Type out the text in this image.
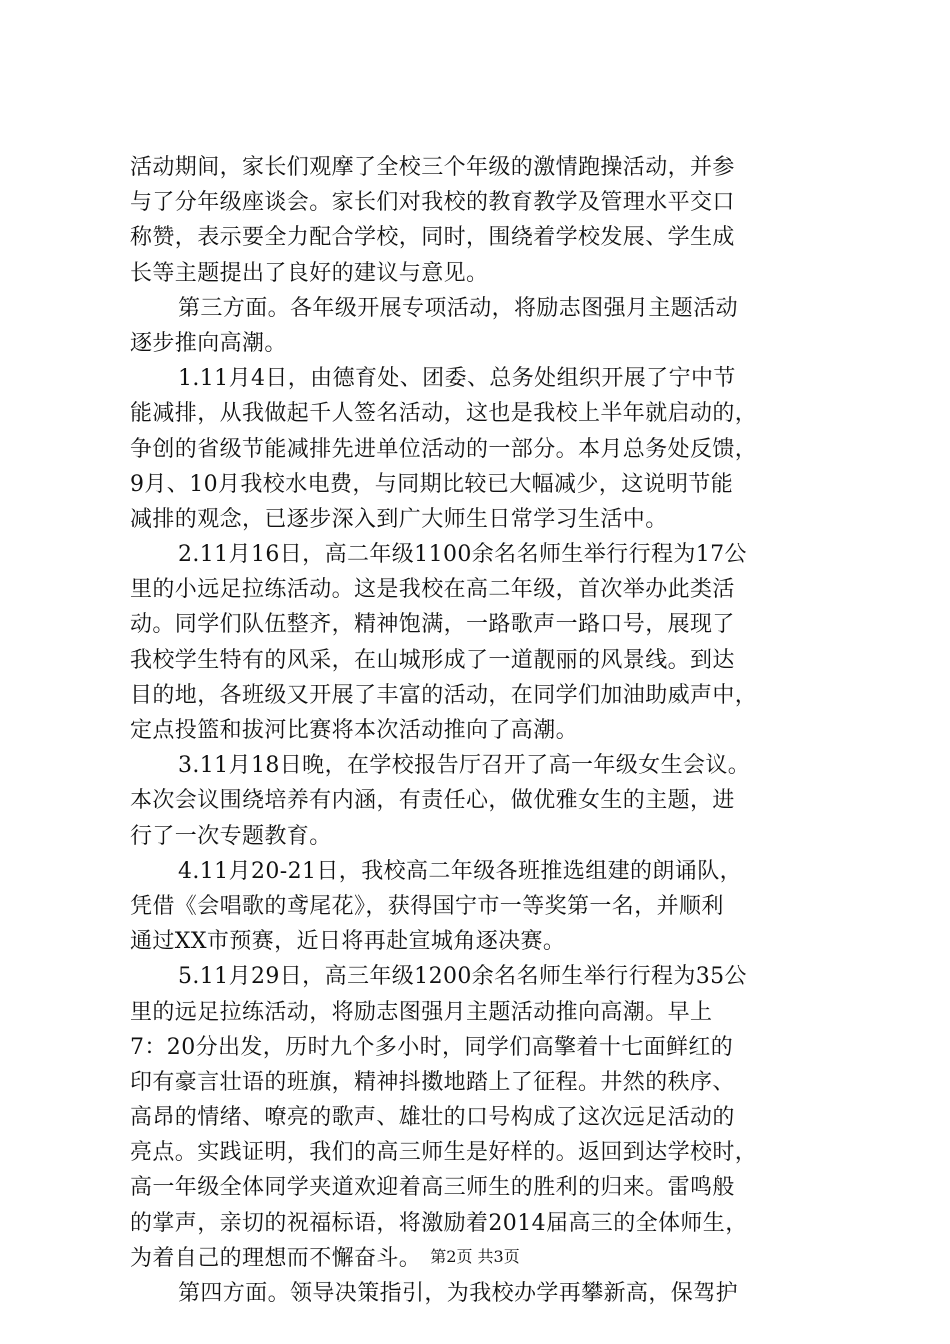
活动期间，家长们观摩了全校三个年级的激情跑操活动，并参
与了分年级座谈会。家长们对我校的教育教学及管理水平交口
称赞，表示要全力配合学校，同时，围绕着学校发展、学生成
长等主题提出了良好的建议与意见。
第三方面。各年级开展专项活动，将励志图强月主题活动
逐步推向高潮。
1.11月4日，由德育处、团委、总务处组织开展了宁中节
能减排，从我做起千人签名活动，这也是我校上半年就启动的，
争创的省级节能减排先进单位活动的一部分。本月总务处反馈，
9月、10月我校水电费，与同期比较已大幅减少，这说明节能
减排的观念，已逐步深入到广大师生日常学习生活中。
2.11月16日，高二年级1100余名名师生举行行程为17公
里的小远足拉练活动。这是我校在高二年级，首次举办此类活
动。同学们队伍整齐，精神饱满，一路歌声一路口号，展现了
我校学生特有的风采，在山城形成了一道靓丽的风景线。到达
目的地，各班级又开展了丰富的活动，在同学们加油助威声中，
定点投篮和拔河比赛将本次活动推向了高潮。
3.11月18日晚，在学校报告厅召开了高一年级女生会议。
本次会议围绕培养有内涵，有责任心，做优雅女生的主题，进
行了一次专题教育。
4.11月20-21日，我校高二年级各班推选组建的朗诵队，
凭借《会唱歌的鸢尾花》，获得国宁市一等奖第一名，并顺利
通过XX市预赛，近日将再赴宣城角逐决赛。
5.11月29日，高三年级1200余名名师生举行行程为35公
里的远足拉练活动，将励志图强月主题活动推向高潮。早上
7：20分出发，历时九个多小时，同学们高擎着十七面鲜红的
印有豪言壮语的班旗，精神抖擞地踏上了征程。井然的秩序、
高昂的情绪、嘹亮的歌声、雄壮的口号构成了这次远足活动的
亮点。实践证明，我们的高三师生是好样的。返回到达学校时，
高一年级全体同学夹道欢迎着高三师生的胜利的归来。雷鸣般
的掌声，亲切的祝福标语，将激励着2014届高三的全体师生，
为着自己的理想而不懈奋斗。
第四方面。领导决策指引，为我校办学再攀新高，保驾护
第2页 共3页
